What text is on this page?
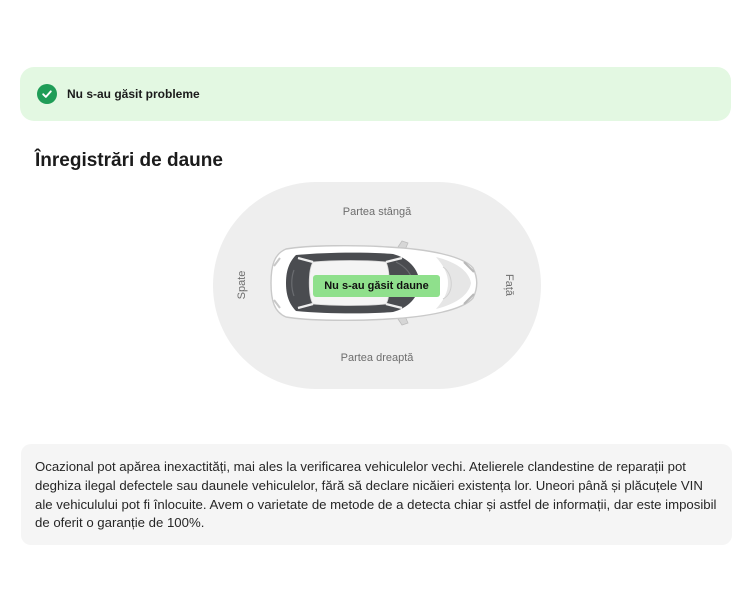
Nu s-au găsit probleme
Înregistrări de daune
Partea stângă
Partea dreaptă
Spate	Față
Nu s-au găsit daune

Ocazional pot apărea inexactități, mai ales la verificarea vehiculelor vechi. Atelierele clandestine de reparații pot deghiza ilegal defectele sau daunele vehiculelor, fără să declare nicăieri existența lor. Uneori până și plăcuțele VIN ale vehiculului pot fi înlocuite. Avem o varietate de metode de a detecta chiar și astfel de informații, dar este imposibil de oferit o garanție de 100%.
